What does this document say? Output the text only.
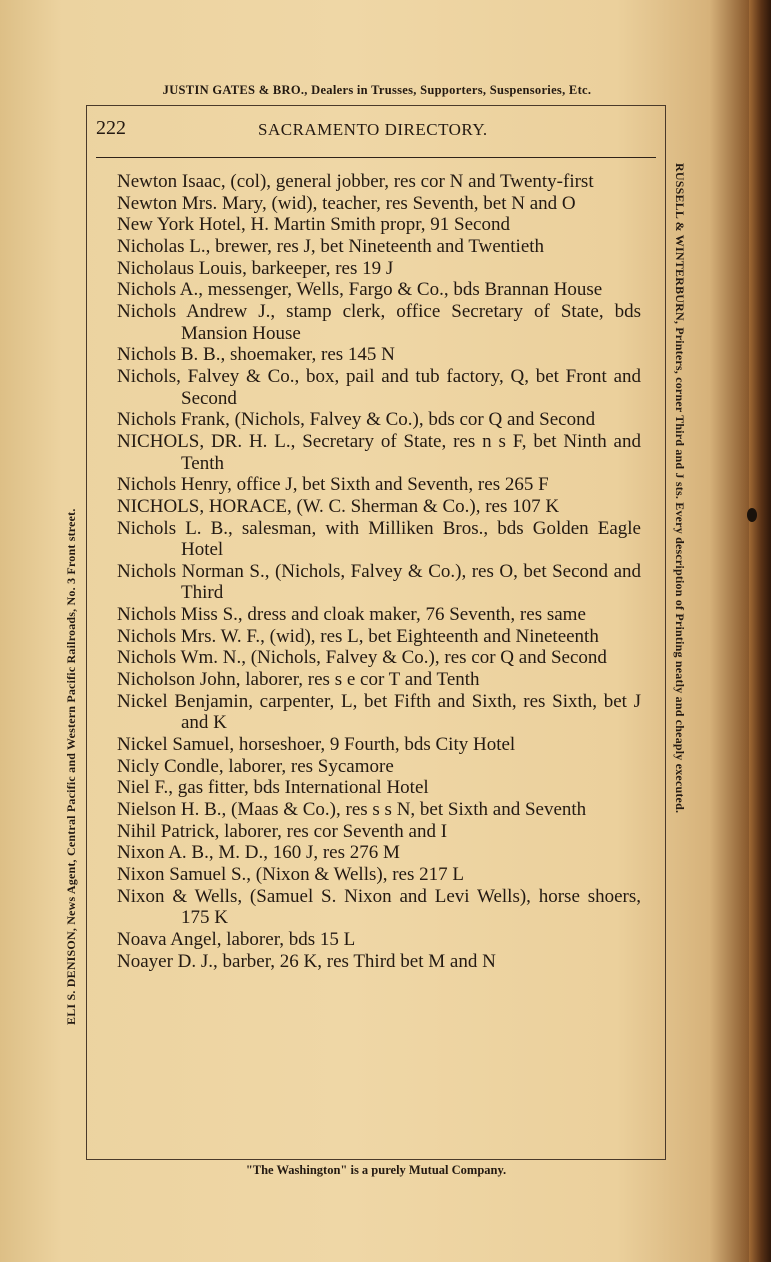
JUSTIN GATES & BRO., Dealers in Trusses, Supporters, Suspensories, Etc.
222	SACRAMENTO DIRECTORY.
ELI S. DENISON, News Agent, Central Pacific and Western Pacific Railroads, No. 3 Front street.	RUSSELL & WINTERBURN, Printers, corner Third and J sts. Every description of Printing neatly and cheaply executed.

Newton Isaac, (col), general jobber, res cor N and Twenty-first

Newton Mrs. Mary, (wid), teacher, res Seventh, bet N and O

New York Hotel, H. Martin Smith propr, 91 Second

Nicholas L., brewer, res J, bet Nineteenth and Twentieth

Nicholaus Louis, barkeeper, res 19 J

Nichols A., messenger, Wells, Fargo & Co., bds Brannan House

Nichols Andrew J., stamp clerk, office Secretary of State, bds Mansion House

Nichols B. B., shoemaker, res 145 N

Nichols, Falvey & Co., box, pail and tub factory, Q, bet Front and Second

Nichols Frank, (Nichols, Falvey & Co.), bds cor Q and Second

NICHOLS, DR. H. L., Secretary of State, res n s F, bet Ninth and Tenth

Nichols Henry, office J, bet Sixth and Seventh, res 265 F

NICHOLS, HORACE, (W. C. Sherman & Co.), res 107 K

Nichols L. B., salesman, with Milliken Bros., bds Golden Eagle Hotel

Nichols Norman S., (Nichols, Falvey & Co.), res O, bet Second and Third

Nichols Miss S., dress and cloak maker, 76 Seventh, res same

Nichols Mrs. W. F., (wid), res L, bet Eighteenth and Nineteenth

Nichols Wm. N., (Nichols, Falvey & Co.), res cor Q and Second

Nicholson John, laborer, res s e cor T and Tenth

Nickel Benjamin, carpenter, L, bet Fifth and Sixth, res Sixth, bet J and K

Nickel Samuel, horseshoer, 9 Fourth, bds City Hotel

Nicly Condle, laborer, res Sycamore

Niel F., gas fitter, bds International Hotel

Nielson H. B., (Maas & Co.), res s s N, bet Sixth and Seventh

Nihil Patrick, laborer, res cor Seventh and I

Nixon A. B., M. D., 160 J, res 276 M

Nixon Samuel S., (Nixon & Wells), res 217 L

Nixon & Wells, (Samuel S. Nixon and Levi Wells), horse shoers, 175 K

Noava Angel, laborer, bds 15 L

Noayer D. J., barber, 26 K, res Third bet M and N

"The Washington" is a purely Mutual Company.
